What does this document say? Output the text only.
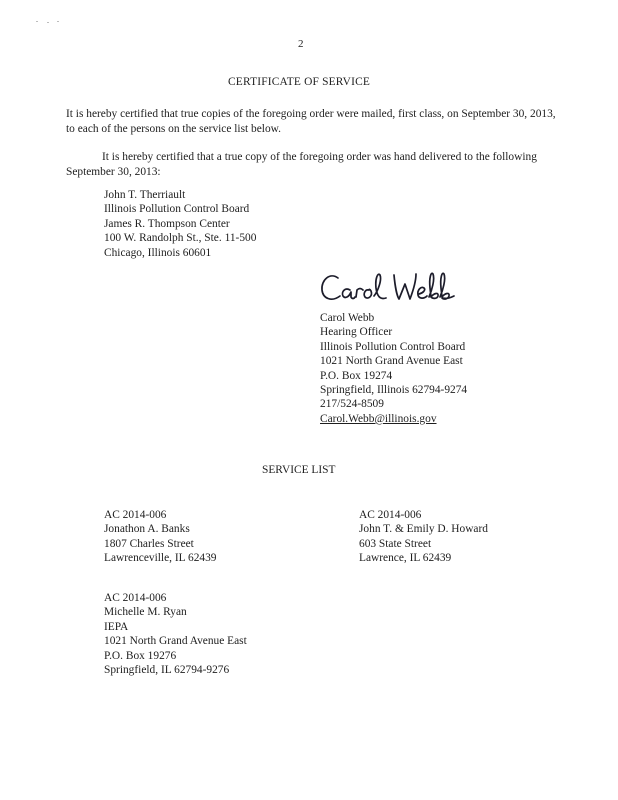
2
CERTIFICATE OF SERVICE
It is hereby certified that true copies of the foregoing order were mailed, first class, on September 30, 2013, to each of the persons on the service list below.
It is hereby certified that a true copy of the foregoing order was hand delivered to the following September 30, 2013:
John T. Therriault
Illinois Pollution Control Board
James R. Thompson Center
100 W. Randolph St., Ste. 11-500
Chicago, Illinois 60601
Carol Webb
Hearing Officer
Illinois Pollution Control Board
1021 North Grand Avenue East
P.O. Box 19274
Springfield, Illinois 62794-9274
217/524-8509
Carol.Webb@illinois.gov
SERVICE LIST
AC 2014-006
Jonathon A. Banks
1807 Charles Street
Lawrenceville, IL 62439
AC 2014-006
John T. & Emily D. Howard
603 State Street
Lawrence, IL 62439
AC 2014-006
Michelle M. Ryan
IEPA
1021 North Grand Avenue East
P.O. Box 19276
Springfield, IL 62794-9276
